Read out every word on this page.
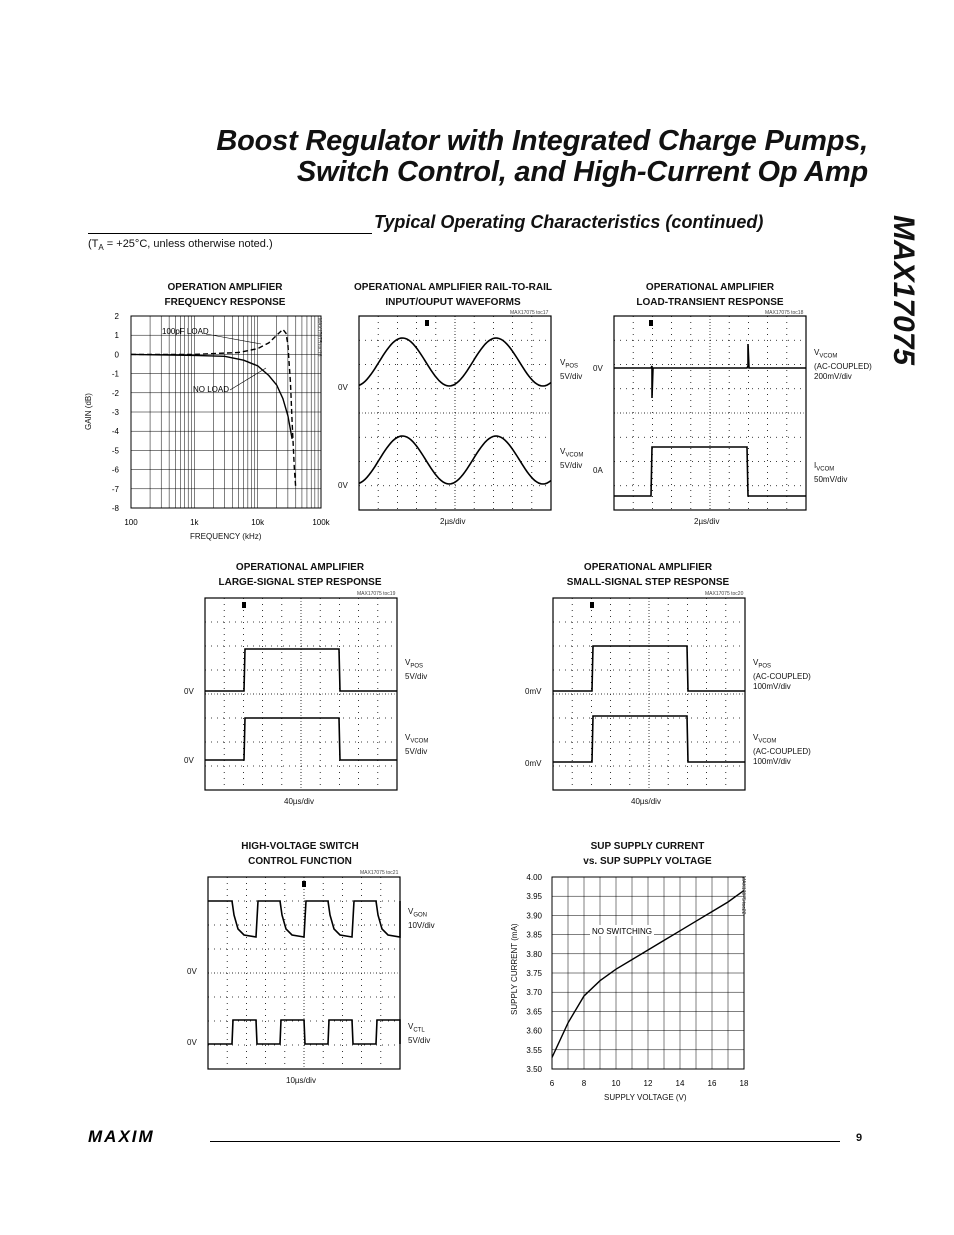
Boost Regulator with Integrated Charge Pumps,
Switch Control, and High-Current Op Amp
MAX17075
Typical Operating Characteristics (continued)
($T_A = +25^\circ C$, unless otherwise noted.)
OPERATION AMPLIFIER
FREQUENCY RESPONSE
2
1
0
-1
-2
-3
-4
-5
-6
-7
-8
100	1k	10k	100k
100pF LOAD
NO LOAD
FREQUENCY (kHz)
GAIN (dB)
MAX17075 toc16
OPERATIONAL AMPLIFIER RAIL-TO-RAIL
INPUT/OUPUT WAVEFORMS
MAX17075 toc17
0V
0V
$V_{POS}$
5V/div
$V_{VCOM}$
5V/div
2µs/div
OPERATIONAL AMPLIFIER
LOAD-TRANSIENT RESPONSE
MAX17075 toc18
0V
0A
$V_{VCOM}$
(AC-COUPLED)
200mV/div
$I_{VCOM}$
50mV/div
2µs/div
OPERATIONAL AMPLIFIER
LARGE-SIGNAL STEP RESPONSE
MAX17075 toc19
0V
0V
$V_{POS}$
5V/div
$V_{VCOM}$
5V/div
40µs/div
OPERATIONAL AMPLIFIER
SMALL-SIGNAL STEP RESPONSE
MAX17075 toc20
0mV
0mV
$V_{POS}$
(AC-COUPLED)
100mV/div
$V_{VCOM}$
(AC-COUPLED)
100mV/div
40µs/div
HIGH-VOLTAGE SWITCH
CONTROL FUNCTION
MAX17075 toc21
0V
0V
$V_{GON}$
10V/div
$V_{CTL}$
5V/div
10µs/div
SUP SUPPLY CURRENT
vs. SUP SUPPLY VOLTAGE
4.00
3.95
3.90
3.85
3.80
3.75
3.70
3.65
3.60
3.55
3.50
6	8	10	12	14	16	18
NO SWITCHING
SUPPLY VOLTAGE (V)
SUPPLY CURRENT (mA)
MAX17075 toc22
MAXIM	9
